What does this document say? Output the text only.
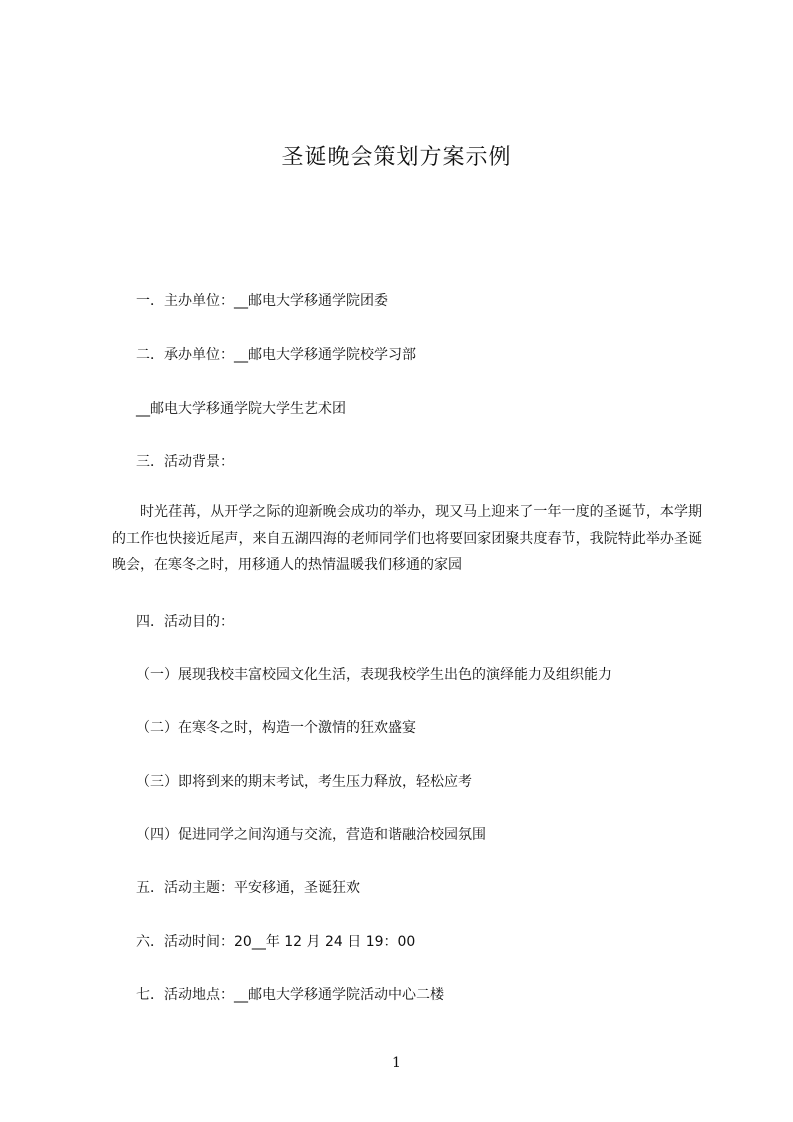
圣诞晚会策划方案示例
一．主办单位：__邮电大学移通学院团委
二．承办单位：__邮电大学移通学院校学习部
__邮电大学移通学院大学生艺术团
三．活动背景：
时光荏苒，从开学之际的迎新晚会成功的举办，现又马上迎来了一年一度的圣诞节，本学期的工作也快接近尾声，来自五湖四海的老师同学们也将要回家团聚共度春节，我院特此举办圣诞晚会，在寒冬之时，用移通人的热情温暖我们移通的家园
四．活动目的：
（一）展现我校丰富校园文化生活，表现我校学生出色的演绎能力及组织能力
（二）在寒冬之时，构造一个激情的狂欢盛宴
（三）即将到来的期末考试，考生压力释放，轻松应考
（四）促进同学之间沟通与交流，营造和谐融洽校园氛围
五．活动主题：平安移通，圣诞狂欢
六．活动时间：20__年 12 月 24 日 19：00
七．活动地点：__邮电大学移通学院活动中心二楼
1
